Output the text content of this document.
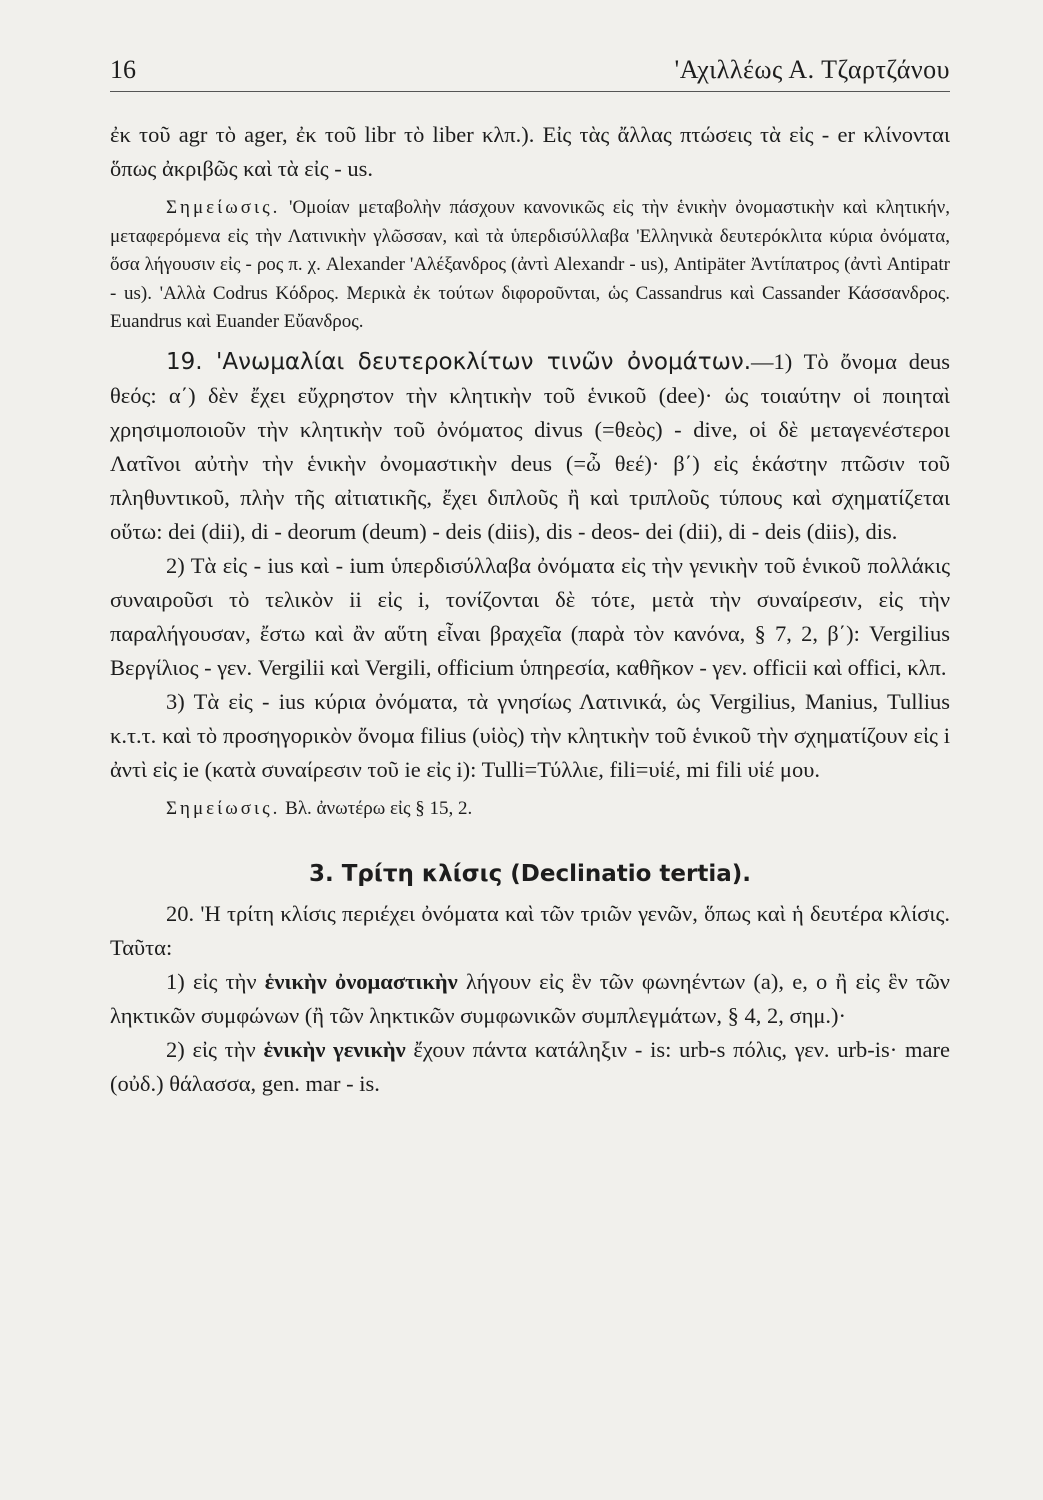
16	'Αχιλλέως Α. Τζαρτζάνου

ἐκ τοῦ agr τὸ ager, ἐκ τοῦ libr τὸ liber κλπ.). Εἰς τὰς ἄλλας πτώσεις τὰ εἰς - er κλίνονται ὅπως ἀκριβῶς καὶ τὰ εἰς - us.

Σημείωσις. 'Ομοίαν μεταβολὴν πάσχουν κανονικῶς εἰς τὴν ἑνικὴν ὀνομαστικὴν καὶ κλητικήν, μεταφερόμενα εἰς τὴν Λατινικὴν γλῶσσαν, καὶ τὰ ὑπερδισύλλαβα 'Ελληνικὰ δευτερόκλιτα κύρια ὀνόματα, ὅσα λήγουσιν εἰς - ρος π. χ. Alexander 'Αλέξανδρος (ἀντὶ Alexandr - us), Antipäter Ἀντίπατρος (ἀντὶ Antipatr - us). 'Αλλὰ Codrus Κόδρος. Μερικὰ ἐκ τούτων διφοροῦνται, ὡς Cassandrus καὶ Cassander Κάσσανδρος. Euandrus καὶ Euander Εὔανδρος.

19. 'Ανωμαλίαι δευτεροκλίτων τινῶν ὀνομάτων.—1) Τὸ ὄνομα deus θεός: α΄) δὲν ἔχει εὔχρηστον τὴν κλητικὴν τοῦ ἑνικοῦ (dee)· ὡς τοιαύτην οἱ ποιηταὶ χρησιμοποιοῦν τὴν κλητικὴν τοῦ ὀνόματος divus (=θεὸς) - dive, οἱ δὲ μεταγενέστεροι Λατῖνοι αὐτὴν τὴν ἑνικὴν ὀνομαστικὴν deus (=ὦ θεέ)· β΄) εἰς ἑκάστην πτῶσιν τοῦ πληθυντικοῦ, πλὴν τῆς αἰτιατικῆς, ἔχει διπλοῦς ἢ καὶ τριπλοῦς τύπους καὶ σχηματίζεται οὕτω: dei (dii), di - deorum (deum) - deis (diis), dis - deos- dei (dii), di - deis (diis), dis.

2) Τὰ εἰς - ius καὶ - ium ὑπερδισύλλαβα ὀνόματα εἰς τὴν γενικὴν τοῦ ἑνικοῦ πολλάκις συναιροῦσι τὸ τελικὸν ii εἰς i, τονίζονται δὲ τότε, μετὰ τὴν συναίρεσιν, εἰς τὴν παραλήγουσαν, ἔστω καὶ ἂν αὕτη εἶναι βραχεῖα (παρὰ τὸν κανόνα, § 7, 2, β΄): Vergilius Βεργίλιος - γεν. Vergilii καὶ Vergili, officium ὑπηρεσία, καθῆκον - γεν. officii καὶ offici, κλπ.

3) Τὰ εἰς - ius κύρια ὀνόματα, τὰ γνησίως Λατινικά, ὡς Vergilius, Manius, Tullius κ.τ.τ. καὶ τὸ προσηγορικὸν ὄνομα filius (υἱὸς) τὴν κλητικὴν τοῦ ἑνικοῦ τὴν σχηματίζουν εἰς i ἀντὶ εἰς ie (κατὰ συναίρεσιν τοῦ ie εἰς i): Tulli=Τύλλιε, fili=υἱέ, mi fili υἱέ μου.

Σημείωσις. Βλ. ἀνωτέρω εἰς § 15, 2.

3. Τρίτη κλίσις (Declinatio tertia).

20. 'Η τρίτη κλίσις περιέχει ὀνόματα καὶ τῶν τριῶν γενῶν, ὅπως καὶ ἡ δευτέρα κλίσις. Ταῦτα:

1) εἰς τὴν ἑνικὴν ὀνομαστικὴν λήγουν εἰς ἓν τῶν φωνηέντων (a), e, o ἢ εἰς ἓν τῶν ληκτικῶν συμφώνων (ἢ τῶν ληκτικῶν συμφωνικῶν συμπλεγμάτων, § 4, 2, σημ.)·

2) εἰς τὴν ἑνικὴν γενικὴν ἔχουν πάντα κατάληξιν - is: urb-s πόλις, γεν. urb-is· mare (οὐδ.) θάλασσα, gen. mar - is.
